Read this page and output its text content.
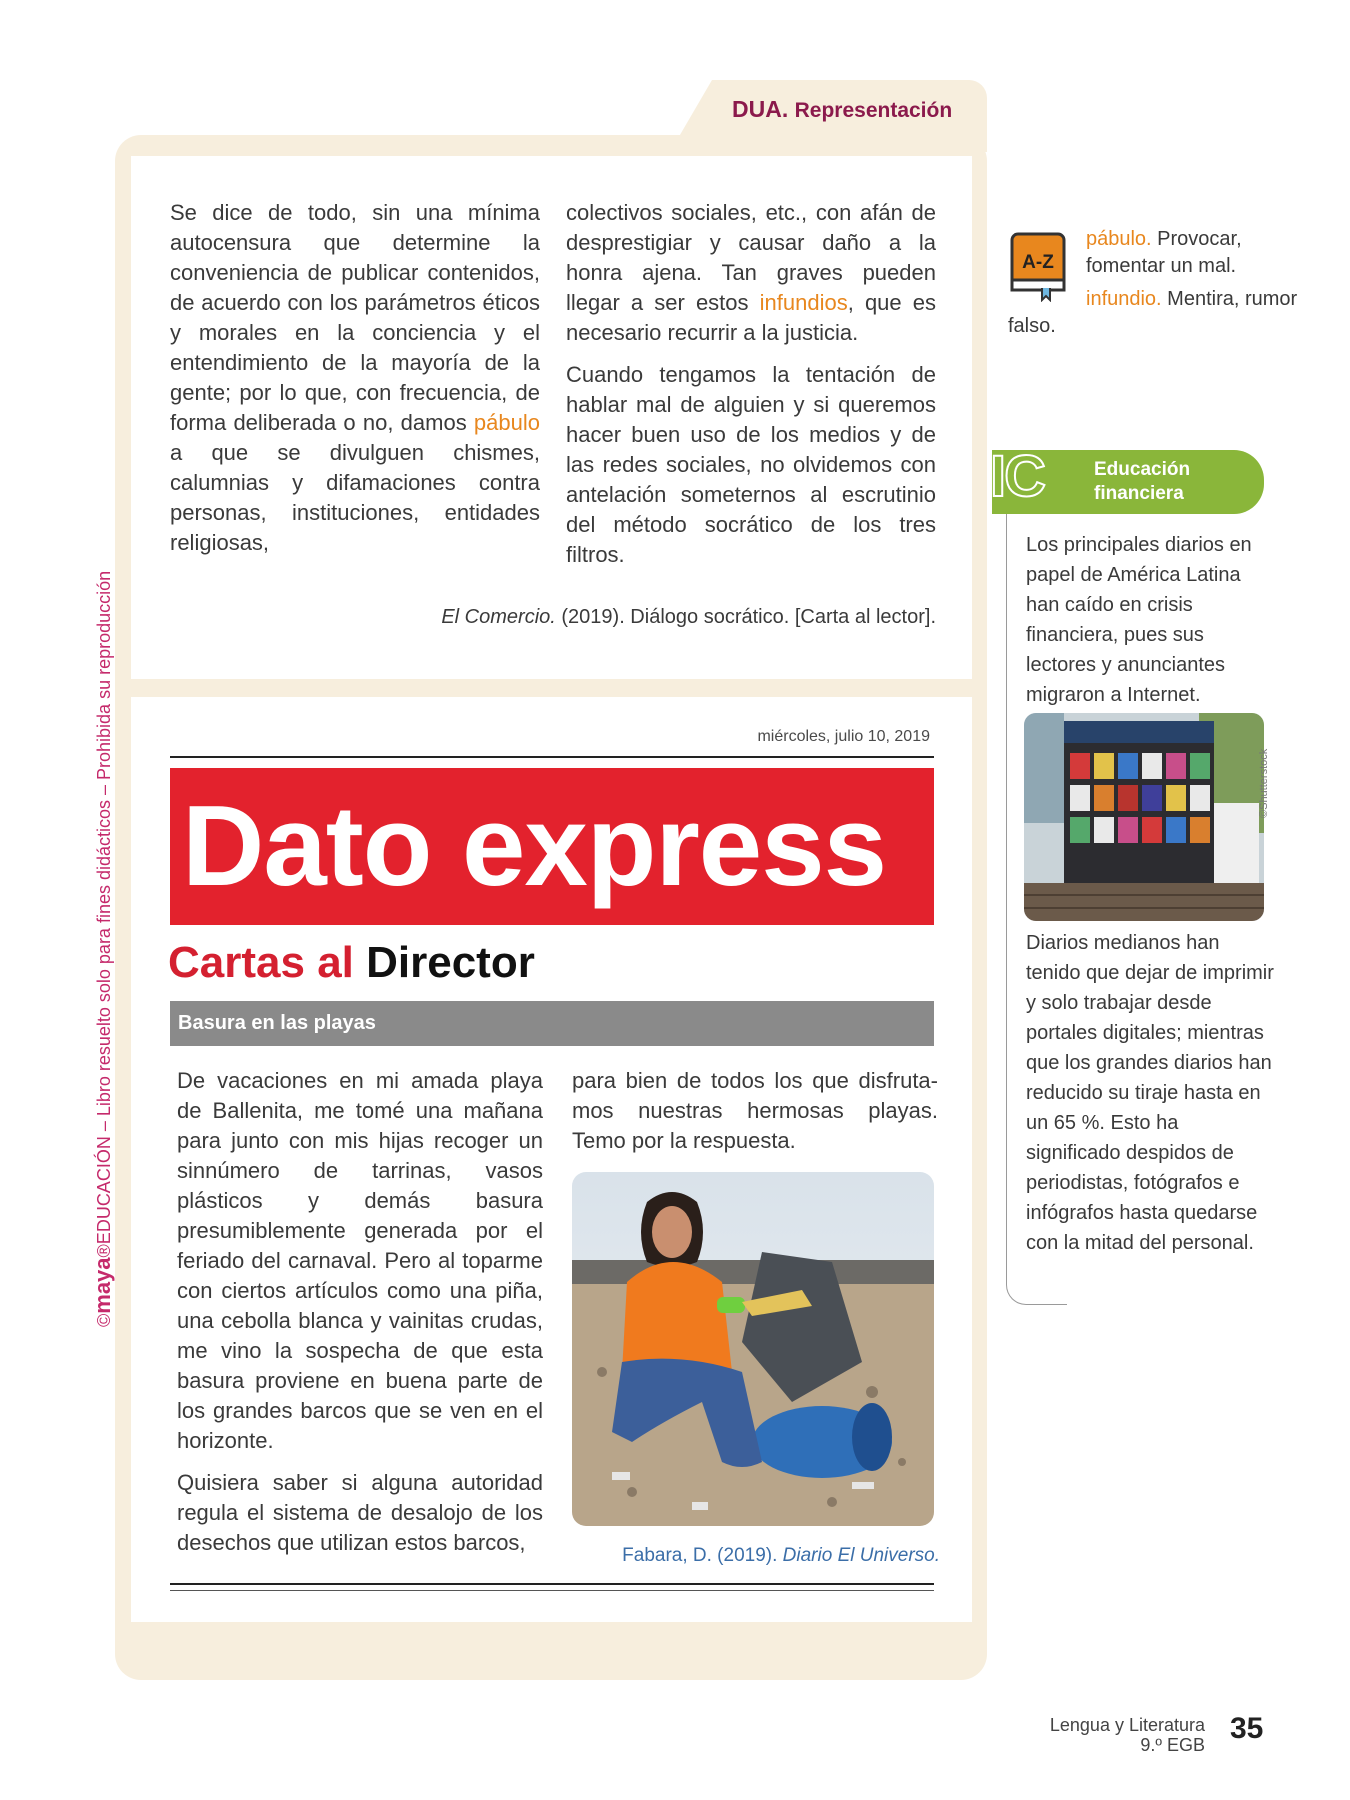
DUA. Representación

Se dice de todo, sin una mínima autocensura que determine la conveniencia de publicar contenidos, de acuerdo con los parámetros éticos y morales en la conciencia y el entendimiento de la mayoría de la gente; por lo que, con frecuencia, de forma deliberada o no, damos pábulo a que se divulguen chismes, calumnias y difamaciones contra personas, instituciones, entidades religiosas,

colectivos sociales, etc., con afán de desprestigiar y causar daño a la honra ajena. Tan graves pueden llegar a ser estos infundios, que es necesario recurrir a la justicia.

Cuando tengamos la tentación de hablar mal de alguien y si queremos hacer buen uso de los medios y de las redes sociales, no olvidemos con antelación someternos al escrutinio del método socrático de los tres filtros.

El Comercio. (2019). Diálogo socrático. [Carta al lector].
miércoles, julio 10, 2019
Dato express
Cartas al Director
Basura en las playas

De vacaciones en mi amada playa de Ballenita, me tomé una mañana para junto con mis hijas recoger un sinnúmero de tarrinas, vasos plásticos y demás basura presumiblemente generada por el feriado del carnaval. Pero al toparme con ciertos artículos como una piña, una cebolla blanca y vainitas crudas, me vino la sospecha de que esta basura proviene en buena parte de los grandes barcos que se ven en el horizonte.

Quisiera saber si alguna autoridad regula el sistema de desalojo de los desechos que utilizan estos barcos,

para bien de todos los que disfruta-mos nuestras hermosas playas. Temo por la respuesta.

Fabara, D. (2019). Diario El Universo.
A-Z
pábulo. Provocar, fomentar un mal.
infundio. Mentira, rumor falso.
IC	Educación financiera
Los principales diarios en papel de América Latina han caído en crisis financiera, pues sus lectores y anunciantes migraron a Internet.
©Shutterstock
Diarios medianos han tenido que dejar de imprimir y solo trabajar desde portales digitales; mientras que los grandes diarios han reducido su tiraje hasta en un 65 %. Esto ha significado despidos de periodistas, fotógrafos e infógrafos hasta quedarse con la mitad del personal.
©maya®EDUCACIÓN – Libro resuelto solo para fines didácticos – Prohibida su reproducción
Lengua y Literatura
9.º EGB 35
